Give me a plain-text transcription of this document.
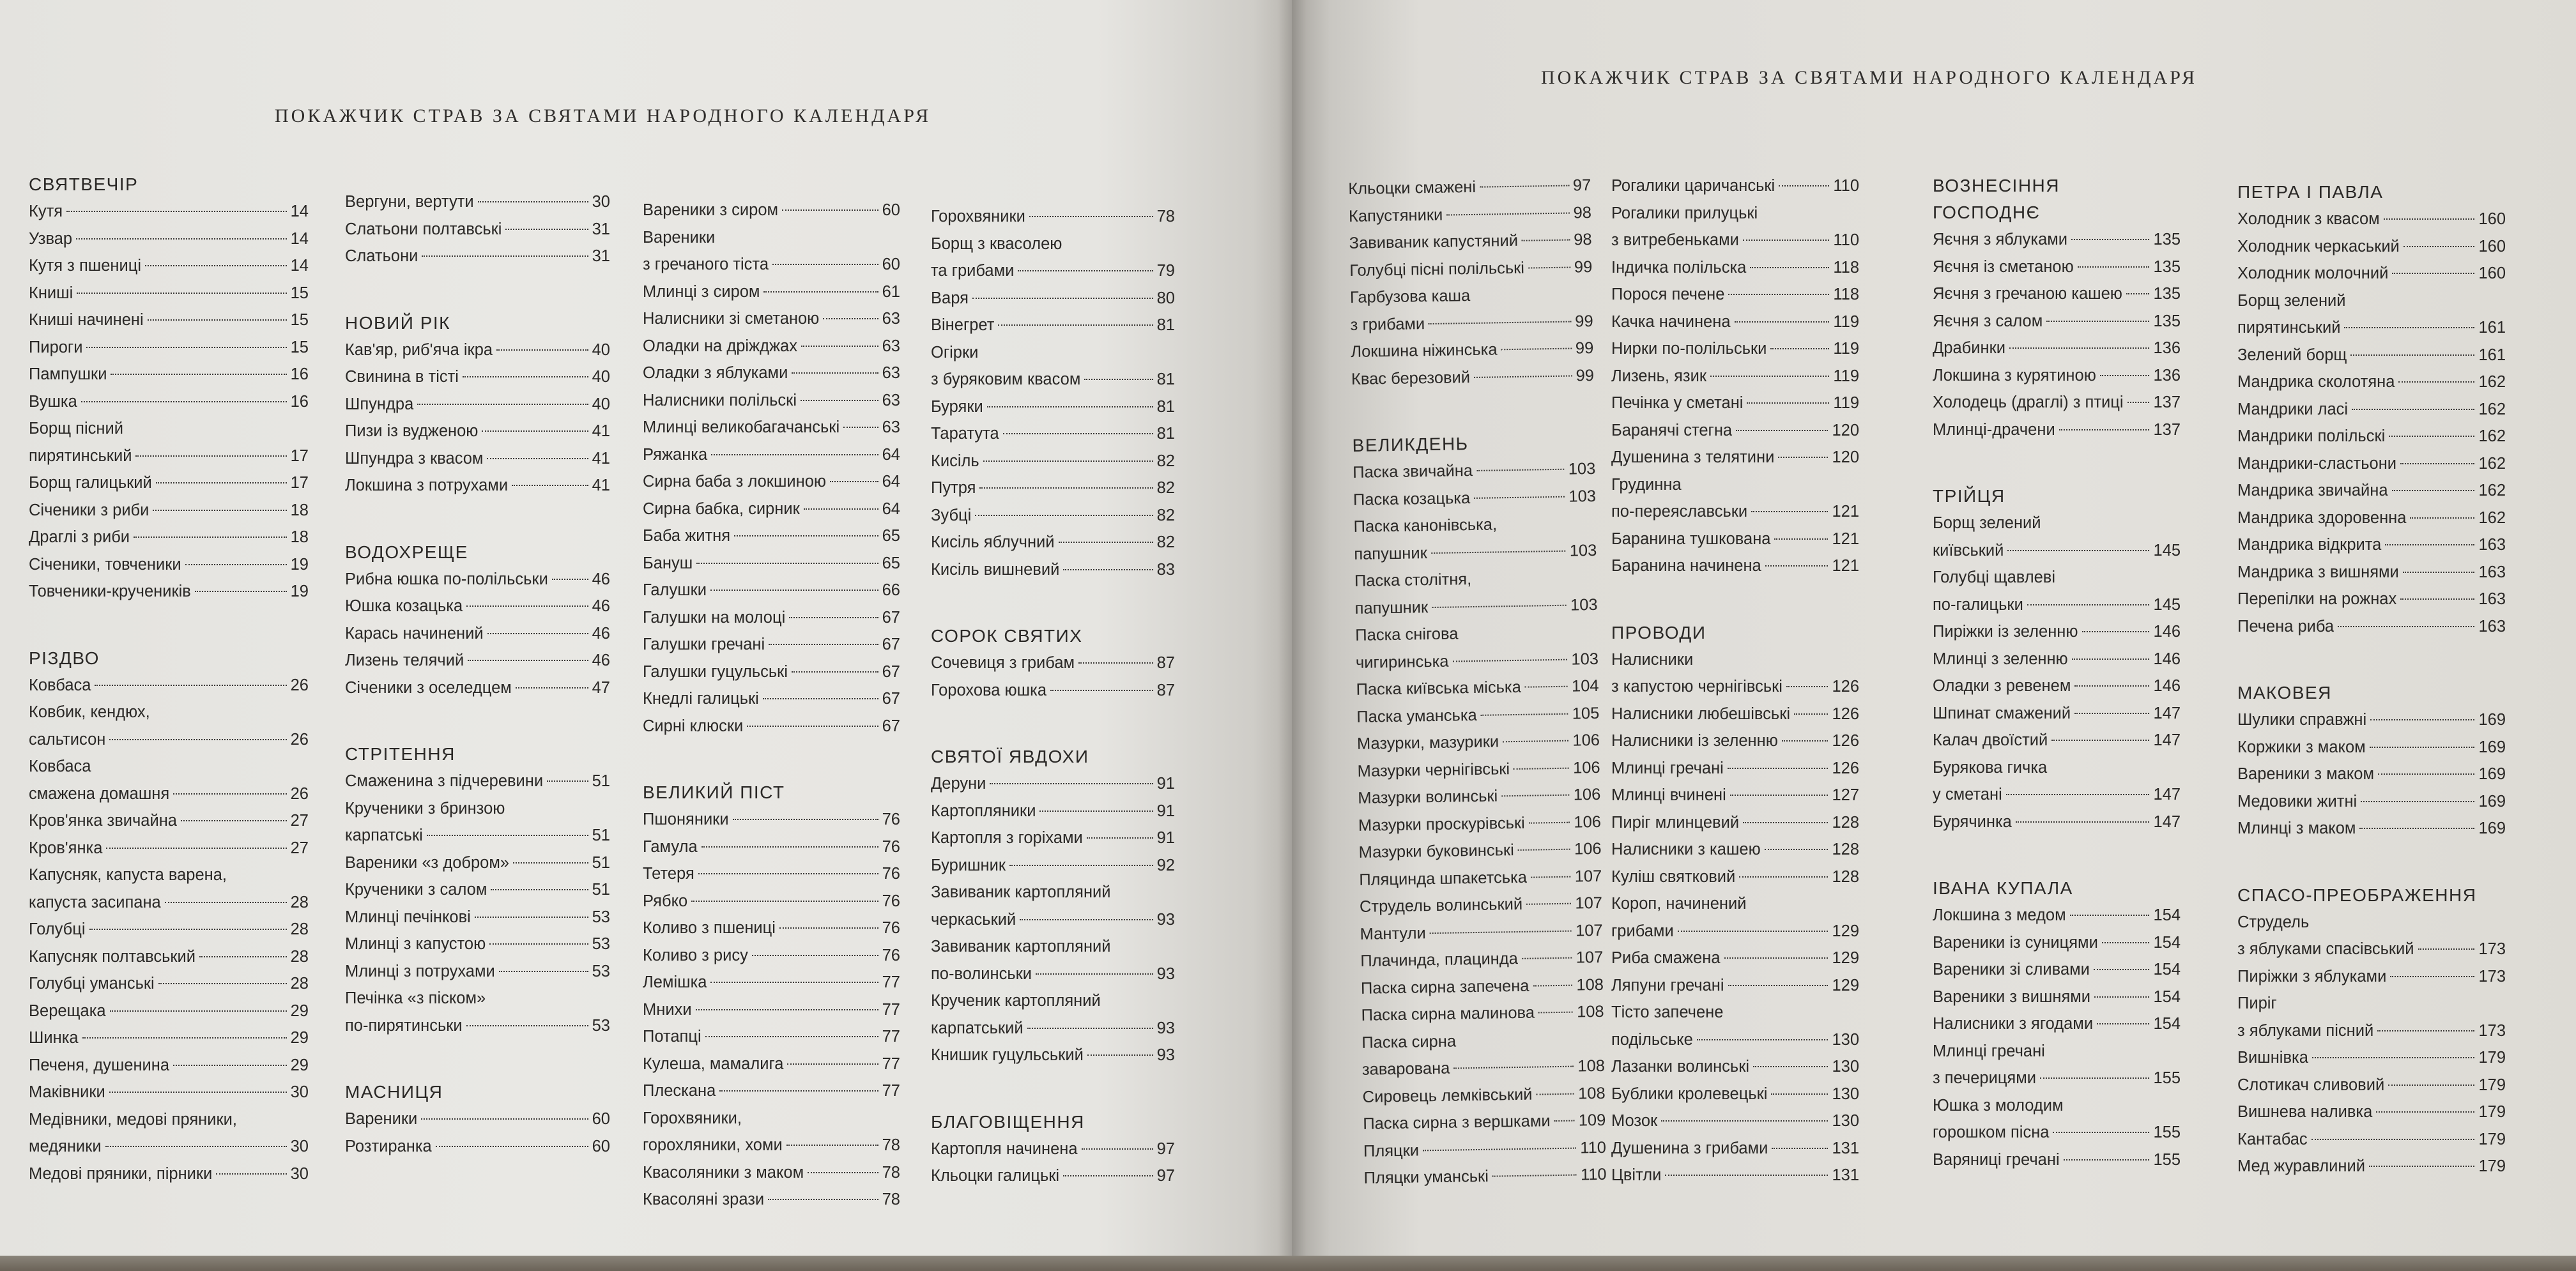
ПОКАЖЧИК СТРАВ ЗА СВЯТАМИ НАРОДНОГО КАЛЕНДАРЯ
СВЯТВЕЧІР
Кутя	14
Узвар	14
Кутя з пшениці	14
Книші	15
Книші начинені	15
Пироги	15
Пампушки	16
Вушка	16
Борщ пісний
пирятинський	17
Борщ галицький	17
Січеники з риби	18
Драглі з риби	18
Січеники, товченики	19
Товченики-кручеників	19
РІЗДВО
Ковбаса	26
Ковбик, кендюх,
сальтисон	26
Ковбаса
смажена домашня	26
Кров'янка звичайна	27
Кров'янка	27
Капусняк, капуста варена,
капуста засипана	28
Голубці	28
Капусняк полтавський	28
Голубці уманські	28
Верещака	29
Шинка	29
Печеня, душенина	29
Маківники	30
Медівники, медові пряники,
медяники	30
Медові пряники, пірники	30
Вергуни, вертути	30
Слатьони полтавські	31
Слатьони	31
НОВИЙ РІК
Кав'яр, риб'яча ікра	40
Свинина в тісті	40
Шпундра	40
Пизи із вудженою	41
Шпундра з квасом	41
Локшина з потрухами	41
ВОДОХРЕЩЕ
Рибна юшка по-полільськи	46
Юшка козацька	46
Карась начинений	46
Лизень телячий	46
Січеники з оселедцем	47
СТРІТЕННЯ
Смаженина з підчеревини	51
Крученики з бринзою
карпатські	51
Вареники «з добром»	51
Крученики з салом	51
Млинці печінкові	53
Млинці з капустою	53
Млинці з потрухами	53
Печінка «з піском»
по-пирятинськи	53
МАСНИЦЯ
Вареники	60
Розтиранка	60
Вареники з сиром	60
Вареники
з гречаного тіста	60
Млинці з сиром	61
Налисники зі сметаною	63
Оладки на дріжджах	63
Оладки з яблуками	63
Налисники полільскі	63
Млинці великобагачанські	63
Ряжанка	64
Сирна баба з локшиною	64
Сирна бабка, сирник	64
Баба житня	65
Бануш	65
Галушки	66
Галушки на молоці	67
Галушки гречані	67
Галушки гуцульські	67
Кнедлі галицькі	67
Сирні клюски	67
ВЕЛИКИЙ ПІСТ
Пшоняники	76
Гамула	76
Тетеря	76
Рябко	76
Коливо з пшениці	76
Коливо з рису	76
Лемішка	77
Мнихи	77
Потапці	77
Кулеша, мамалига	77
Плескана	77
Горохвяники,
горохляники, хоми	78
Квасоляники з маком	78
Квасоляні зрази	78
Горохвяники	78
Борщ з квасолею
та грибами	79
Варя	80
Вінегрет	81
Огірки
з буряковим квасом	81
Буряки	81
Таратута	81
Кисіль	82
Путря	82
Зубці	82
Кисіль яблучний	82
Кисіль вишневий	83
СОРОК СВЯТИХ
Сочевиця з грибам	87
Горохова юшка	87
СВЯТОЇ ЯВДОХИ
Деруни	91
Картопляники	91
Картопля з горіхами	91
Буришник	92
Завиваник картопляний
черкаський	93
Завиваник картопляний
по-волинськи	93
Крученик картопляний
карпатський	93
Книшик гуцульський	93
БЛАГОВІЩЕННЯ
Картопля начинена	97
Кльоцки галицькі	97
ПОКАЖЧИК СТРАВ ЗА СВЯТАМИ НАРОДНОГО КАЛЕНДАРЯ
Кльоцки смажені	97
Капустяники	98
Завиваник капустяний	98
Голубці пісні полільські	99
Гарбузова каша
з грибами	99
Локшина ніжинська	99
Квас березовий	99
ВЕЛИКДЕНЬ
Паска звичайна	103
Паска козацька	103
Паска канонівська,
папушник	103
Паска столітня,
папушник	103
Паска снігова
чигиринська	103
Паска київська міська	104
Паска уманська	105
Мазурки, мазурики	106
Мазурки чернігівські	106
Мазурки волинські	106
Мазурки проскурівські	106
Мазурки буковинські	106
Пляцинда шпакетська	107
Струдель волинський	107
Мантули	107
Плачинда, плацинда	107
Паска сирна запечена	108
Паска сирна малинова	108
Паска сирна
заварована	108
Сировець лемківський	108
Паска сирна з вершками 109
Пляцки	110
Пляцки уманські	110
Рогалики царичанські	110
Рогалики прилуцькі
з витребеньками	110
Індичка полільска	118
Порося печене	118
Качка начинена	119
Нирки по-полільськи	119
Лизень, язик	119
Печінка у сметані	119
Баранячі стегна	120
Душенина з телятини	120
Грудинна
по-переяславськи	121
Баранина тушкована	121
Баранина начинена	121
ПРОВОДИ
Налисники
з капустою чернігівські	126
Налисники любешівські	126
Налисники із зеленню	126
Млинці гречані	126
Млинці вчинені	127
Пиріг млинцевий	128
Налисники з кашею	128
Куліш святковий	128
Короп, начинений
грибами	129
Риба смажена	129
Ляпуни гречані	129
Тісто запечене
подільське	130
Лазанки волинські	130
Бублики кролевецькі	130
Мозок	130
Душенина з грибами	131
Цвітли	131
ВОЗНЕСІННЯ
ГОСПОДНЄ
Яєчня з яблуками	135
Яєчня із сметаною	135
Яєчня з гречаною кашею 135
Яєчня з салом	135
Драбинки	136
Локшина з курятиною	136
Холодець (драглі) з птиці 137
Млинці-драчени	137
ТРІЙЦЯ
Борщ зелений
київський	145
Голубці щавлеві
по-галицьки	145
Пиріжки із зеленню	146
Млинці з зеленню	146
Оладки з ревенем	146
Шпинат смажений	147
Калач двоїстий	147
Бурякова гичка
у сметані	147
Бурячинка	147
ІВАНА КУПАЛА
Локшина з медом	154
Вареники із суницями	154
Вареники зі сливами	154
Вареники з вишнями	154
Налисники з ягодами	154
Млинці гречані
з печерицями	155
Юшка з молодим
горошком пісна	155
Варяниці гречані	155
ПЕТРА І ПАВЛА
Холодник з квасом	160
Холодник черкаський	160
Холодник молочний	160
Борщ зелений
пирятинський	161
Зелений борщ	161
Мандрика сколотяна	162
Мандрики ласі	162
Мандрики полільскі	162
Мандрики-сластьони	162
Мандрика звичайна	162
Мандрика здоровенна	162
Мандрика відкрита	163
Мандрика з вишнями	163
Перепілки на рожнах	163
Печена риба	163
МАКОВЕЯ
Шулики справжні	169
Коржики з маком	169
Вареники з маком	169
Медовики житні	169
Млинці з маком	169
СПАСО-ПРЕОБРАЖЕННЯ
Струдель
з яблуками спасівський	173
Пиріжки з яблуками	173
Пиріг
з яблуками пісний	173
Вишнівка	179
Слотикач сливовий	179
Вишнева наливка	179
Кантабас	179
Мед журавлиний	179
